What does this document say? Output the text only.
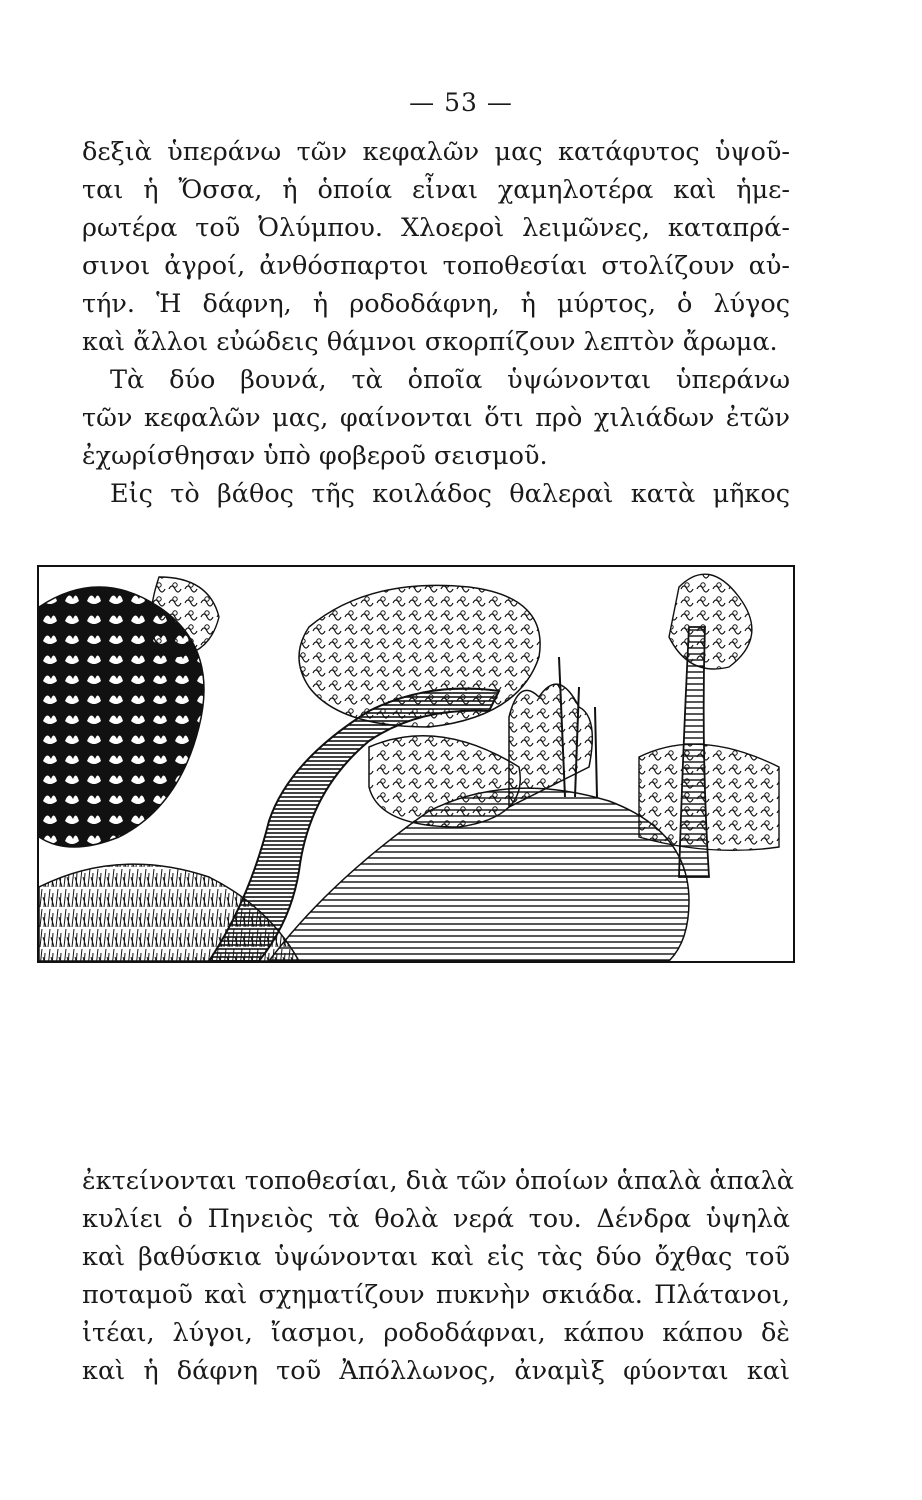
— 53 —
δεξιὰ ὑπεράνω τῶν κεφαλῶν μας κατάφυτος ὑψοῦ-
ται ἡ Ὄσσα, ἡ ὁποία εἶναι χαμηλοτέρα καὶ ἡμε-
ρωτέρα τοῦ Ὀλύμπου. Χλοεροὶ λειμῶνες, καταπρά-
σινοι ἀγροί, ἀνθόσπαρτοι τοποθεσίαι στολίζουν αὐ-
τήν. Ἡ δάφνη, ἡ ροδοδάφνη, ἡ μύρτος, ὁ λύγος
καὶ ἄλλοι εὐώδεις θάμνοι σκορπίζουν λεπτὸν ἄρωμα.
Τὰ δύο βουνά, τὰ ὁποῖα ὑψώνονται ὑπεράνω
τῶν κεφαλῶν μας, φαίνονται ὅτι πρὸ χιλιάδων ἐτῶν
ἐχωρίσθησαν ὑπὸ φοβεροῦ σεισμοῦ.
Εἰς τὸ βάθος τῆς κοιλάδος θαλεραὶ κατὰ μῆκος
ἐκτείνονται τοποθεσίαι, διὰ τῶν ὁποίων ἁπαλὰ ἁπαλὰ
κυλίει ὁ Πηνειὸς τὰ θολὰ νερά του. Δένδρα ὑψηλὰ
καὶ βαθύσκια ὑψώνονται καὶ εἰς τὰς δύο ὄχθας τοῦ
ποταμοῦ καὶ σχηματίζουν πυκνὴν σκιάδα. Πλάτανοι,
ἰτέαι, λύγοι, ἴασμοι, ροδοδάφναι, κάπου κάπου δὲ
καὶ ἡ δάφνη τοῦ Ἀπόλλωνος, ἀναμὶξ φύονται καὶ
